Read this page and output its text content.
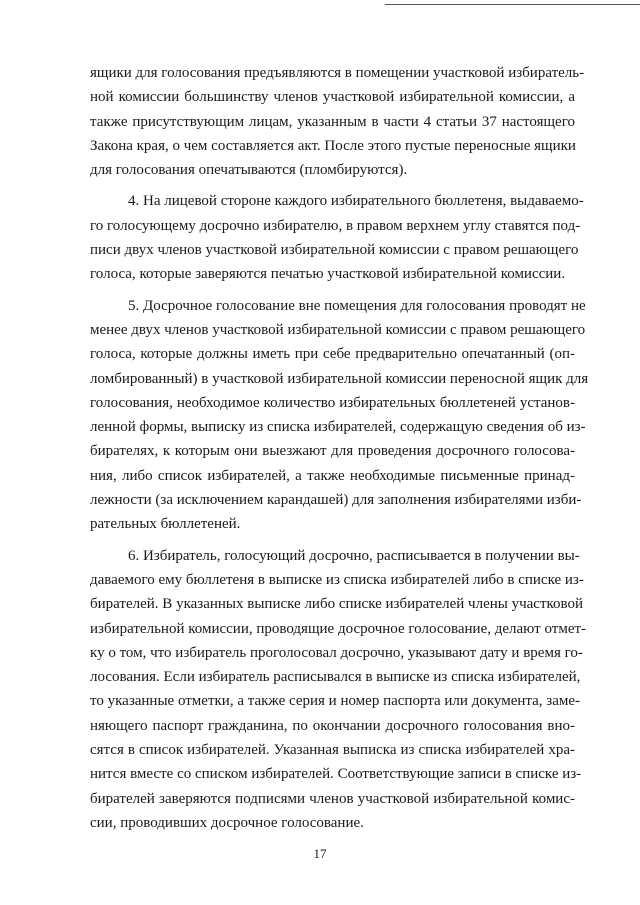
ящики для голосования предъявляются в помещении участковой избиратель-
ной комиссии большинству членов участковой избирательной комиссии, а
также присутствующим лицам, указанным в части 4 статьи 37 настоящего
Закона края, о чем составляется акт. После этого пустые переносные ящики
для голосования опечатываются (пломбируются).
4. На лицевой стороне каждого избирательного бюллетеня, выдаваемо-
го голосующему досрочно избирателю, в правом верхнем углу ставятся под-
писи двух членов участковой избирательной комиссии с правом решающего
голоса, которые заверяются печатью участковой избирательной комиссии.
5. Досрочное голосование вне помещения для голосования проводят не
менее двух членов участковой избирательной комиссии с правом решающего
голоса, которые должны иметь при себе предварительно опечатанный (оп-
ломбированный) в участковой избирательной комиссии переносной ящик для
голосования, необходимое количество избирательных бюллетеней установ-
ленной формы, выписку из списка избирателей, содержащую сведения об из-
бирателях, к которым они выезжают для проведения досрочного голосова-
ния, либо список избирателей, а также необходимые письменные принад-
лежности (за исключением карандашей) для заполнения избирателями изби-
рательных бюллетеней.
6. Избиратель, голосующий досрочно, расписывается в получении вы-
даваемого ему бюллетеня в выписке из списка избирателей либо в списке из-
бирателей. В указанных выписке либо списке избирателей члены участковой
избирательной комиссии, проводящие досрочное голосование, делают отмет-
ку о том, что избиратель проголосовал досрочно, указывают дату и время го-
лосования. Если избиратель расписывался в выписке из списка избирателей,
то указанные отметки, а также серия и номер паспорта или документа, заме-
няющего паспорт гражданина, по окончании досрочного голосования вно-
сятся в список избирателей. Указанная выписка из списка избирателей хра-
нится вместе со списком избирателей. Соответствующие записи в списке из-
бирателей заверяются подписями членов участковой избирательной комис-
сии, проводивших досрочное голосование.
17
